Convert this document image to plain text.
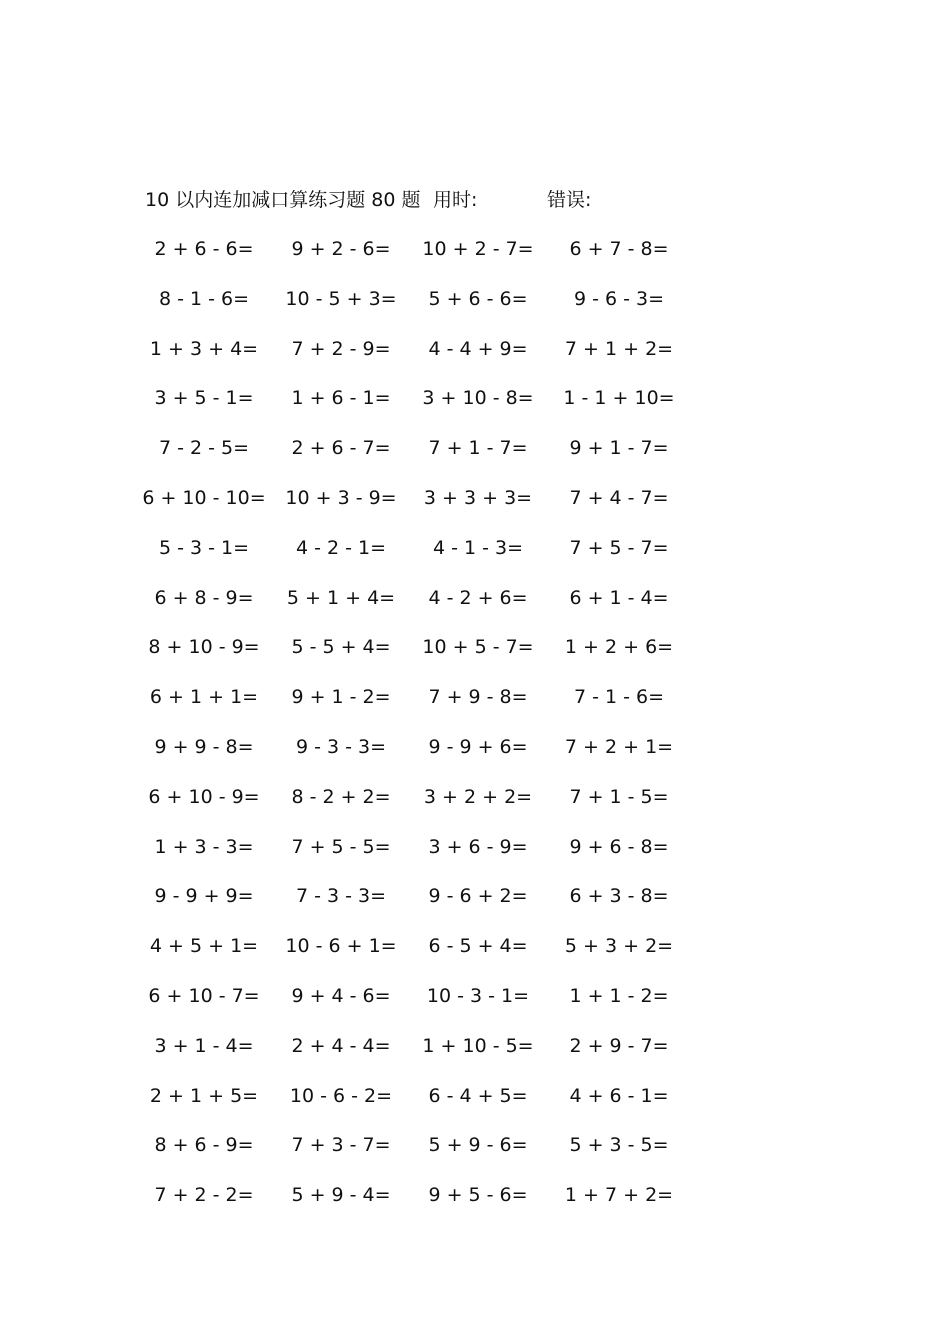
10 以内连加减口算练习题 80 题 用时:	错误:
2 + 6 - 6=	9 + 2 - 6=	10 + 2 - 7=	6 + 7 - 8=
8 - 1 - 6=	10 - 5 + 3=	5 + 6 - 6=	9 - 6 - 3=
1 + 3 + 4=	7 + 2 - 9=	4 - 4 + 9=	7 + 1 + 2=
3 + 5 - 1=	1 + 6 - 1=	3 + 10 - 8=	1 - 1 + 10=
7 - 2 - 5=	2 + 6 - 7=	7 + 1 - 7=	9 + 1 - 7=
6 + 10 - 10=	10 + 3 - 9=	3 + 3 + 3=	7 + 4 - 7=
5 - 3 - 1=	4 - 2 - 1=	4 - 1 - 3=	7 + 5 - 7=
6 + 8 - 9=	5 + 1 + 4=	4 - 2 + 6=	6 + 1 - 4=
8 + 10 - 9=	5 - 5 + 4=	10 + 5 - 7=	1 + 2 + 6=
6 + 1 + 1=	9 + 1 - 2=	7 + 9 - 8=	7 - 1 - 6=
9 + 9 - 8=	9 - 3 - 3=	9 - 9 + 6=	7 + 2 + 1=
6 + 10 - 9=	8 - 2 + 2=	3 + 2 + 2=	7 + 1 - 5=
1 + 3 - 3=	7 + 5 - 5=	3 + 6 - 9=	9 + 6 - 8=
9 - 9 + 9=	7 - 3 - 3=	9 - 6 + 2=	6 + 3 - 8=
4 + 5 + 1=	10 - 6 + 1=	6 - 5 + 4=	5 + 3 + 2=
6 + 10 - 7=	9 + 4 - 6=	10 - 3 - 1=	1 + 1 - 2=
3 + 1 - 4=	2 + 4 - 4=	1 + 10 - 5=	2 + 9 - 7=
2 + 1 + 5=	10 - 6 - 2=	6 - 4 + 5=	4 + 6 - 1=
8 + 6 - 9=	7 + 3 - 7=	5 + 9 - 6=	5 + 3 - 5=
7 + 2 - 2=	5 + 9 - 4=	9 + 5 - 6=	1 + 7 + 2=
